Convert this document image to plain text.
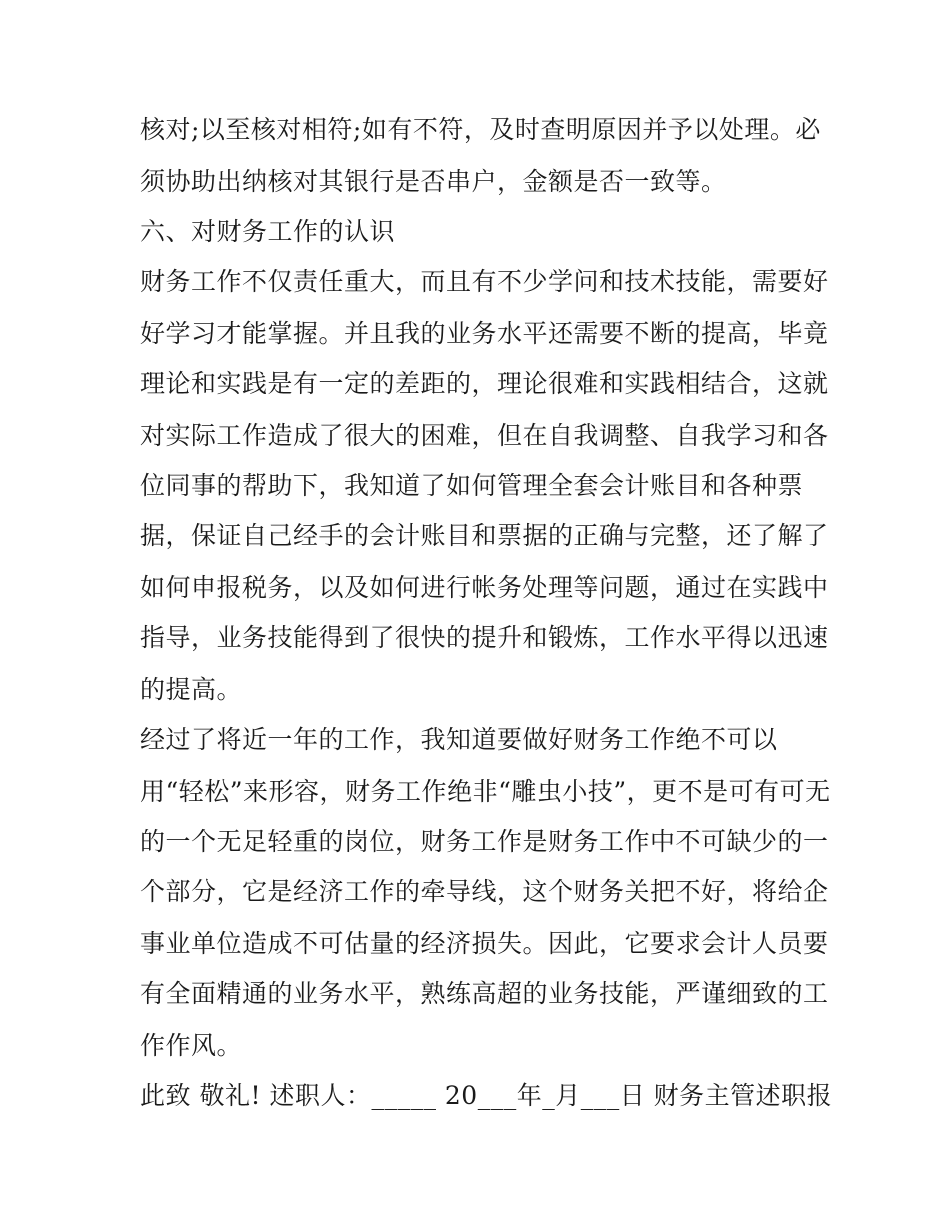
核对;以至核对相符;如有不符，及时查明原因并予以处理。必
须协助出纳核对其银行是否串户，金额是否一致等。
六、对财务工作的认识
财务工作不仅责任重大，而且有不少学问和技术技能，需要好
好学习才能掌握。并且我的业务水平还需要不断的提高，毕竟
理论和实践是有一定的差距的，理论很难和实践相结合，这就
对实际工作造成了很大的困难，但在自我调整、自我学习和各
位同事的帮助下，我知道了如何管理全套会计账目和各种票
据，保证自己经手的会计账目和票据的正确与完整，还了解了
如何申报税务，以及如何进行帐务处理等问题，通过在实践中
指导，业务技能得到了很快的提升和锻炼，工作水平得以迅速
的提高。
经过了将近一年的工作，我知道要做好财务工作绝不可以
用“轻松”来形容，财务工作绝非“雕虫小技”，更不是可有可无
的一个无足轻重的岗位，财务工作是财务工作中不可缺少的一
个部分，它是经济工作的牵导线，这个财务关把不好，将给企
事业单位造成不可估量的经济损失。因此，它要求会计人员要
有全面精通的业务水平，熟练高超的业务技能，严谨细致的工
作作风。
此致 敬礼! 述职人：_____ 20___年_月___日 财务主管述职报
